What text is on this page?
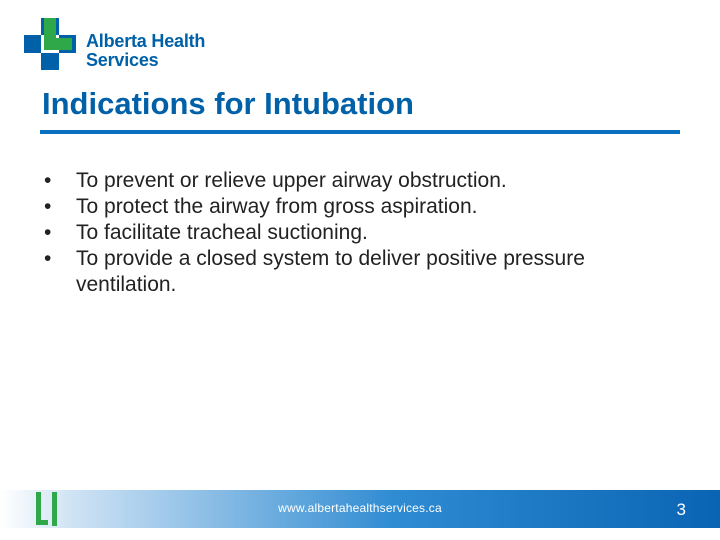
Alberta Health
Services
Indications for Intubation
•	To prevent or relieve upper airway obstruction.
•	To protect the airway from gross aspiration.
•	To facilitate tracheal suctioning.
•	To provide a closed system to deliver positive pressure ventilation.
www.albertahealthservices.ca	3
